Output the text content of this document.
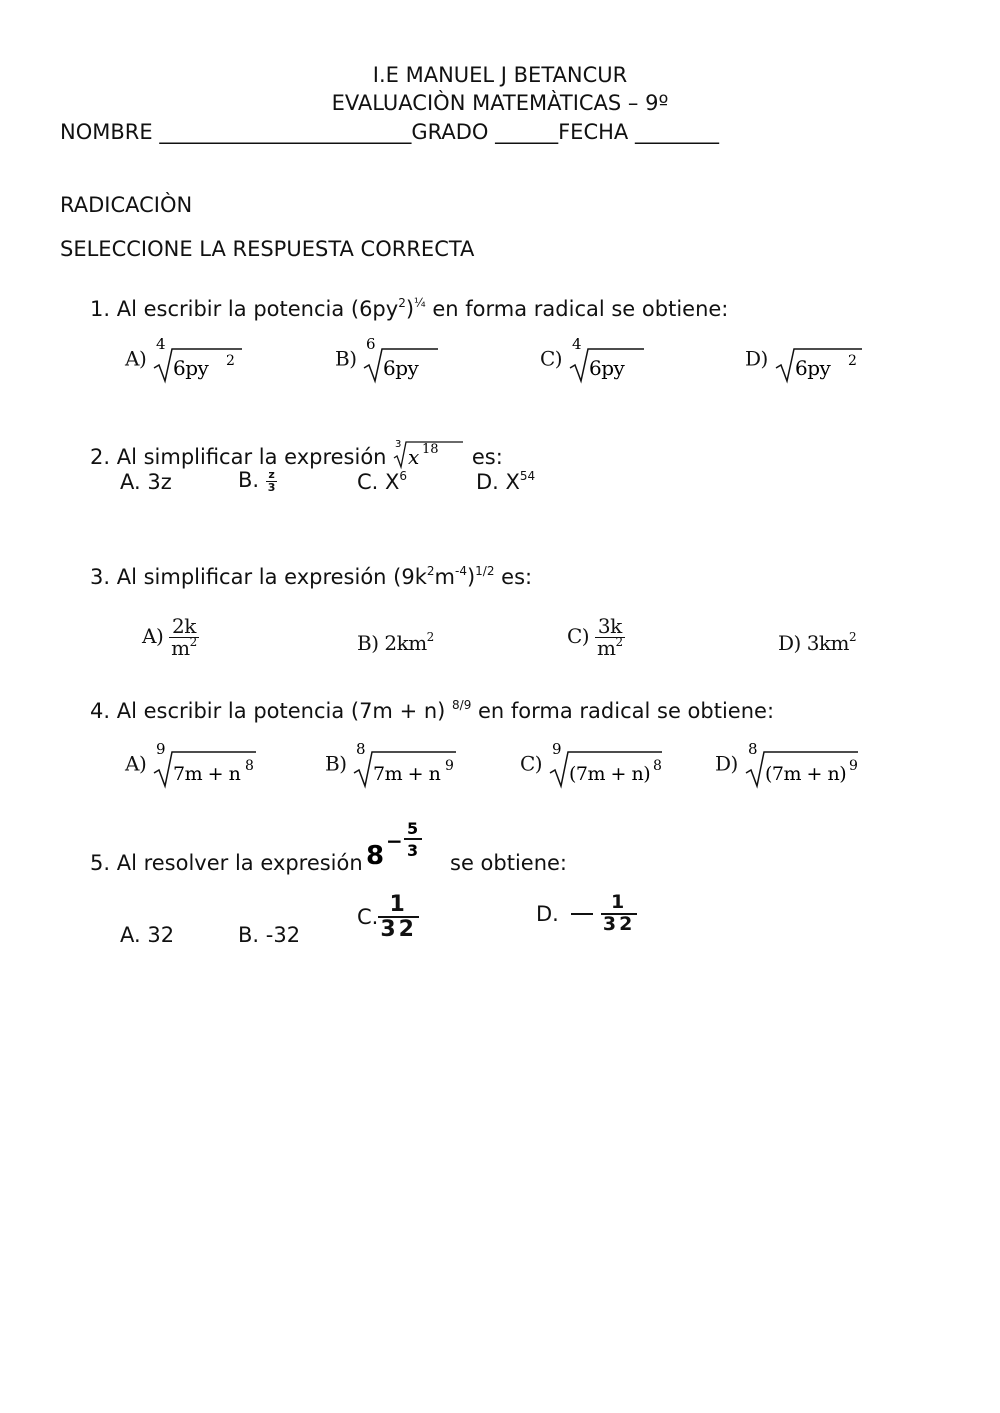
I.E MANUEL J BETANCUR
EVALUACIÒN MATEMÀTICAS – 9º
NOMBRE ________________________GRADO ______FECHA ________
RADICACIÒN
SELECCIONE LA RESPUESTA CORRECTA
1. Al escribir la potencia $(6py^2)^{\frac{1}{4}}$ en forma radical se obtiene:
A)
4
6py 2	B)
6
6py	C)
4
6py	D) 6py 2
2. Al simplificar la expresión
3
x 18 es:
A. 3z	B. $\frac{z}{3}$	C. $X^6$	D. $X^{54}$
3. Al simplificar la expresión $(9k^2m^{-4})^{1/2}$ es:
$A) \frac{2k}{m^2}$	B) $2km^2$	$C) \frac{3k}{m^2}$	D) $3km^2$
4. Al escribir la potencia (7m + n) $^{8/9}$ en forma radical se obtiene:
A)
9
7m + n 8	B)
8
7m + n 9	C)
9
(7m + n) 8	D)
8
(7m + n) 9
5. Al resolver la expresión 8 −
5
3
se obtiene:
A. 32	B. -32
C. $\frac{1}{32}$	D. $\frac{1}{32}$
